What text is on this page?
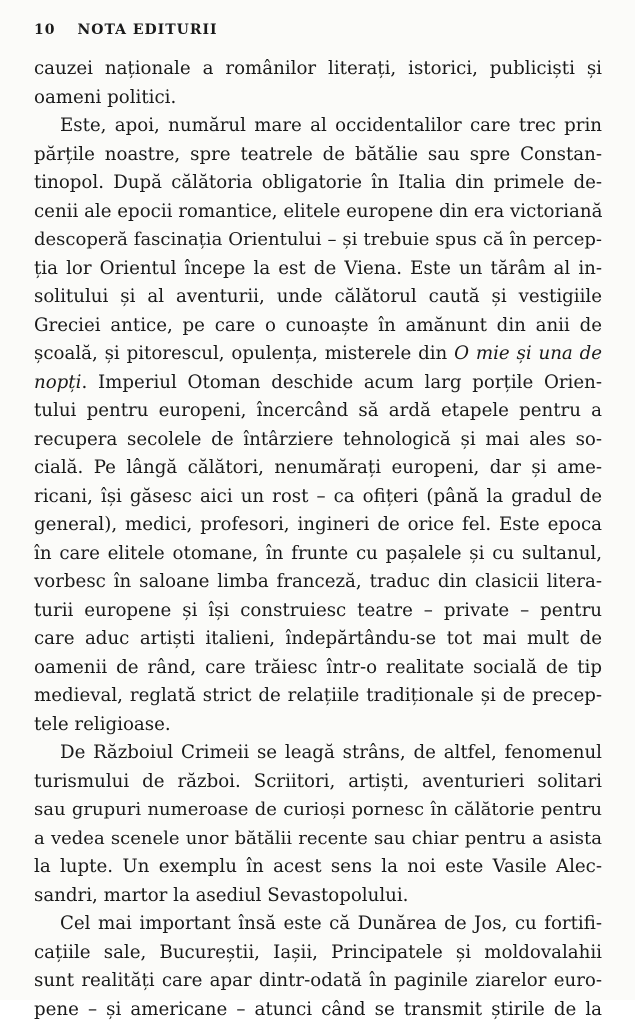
10 NOTA EDITURII
cauzei naționale a românilor literați, istorici, publiciști și
oameni politici.
Este, apoi, numărul mare al occidentalilor care trec prin
părțile noastre, spre teatrele de bătălie sau spre Constan-
tinopol. După călătoria obligatorie în Italia din primele de-
cenii ale epocii romantice, elitele europene din era victoriană
descoperă fascinația Orientului – și trebuie spus că în percep-
ția lor Orientul începe la est de Viena. Este un tărâm al in-
solitului și al aventurii, unde călătorul caută și vestigiile
Greciei antice, pe care o cunoaște în amănunt din anii de
școală, și pitorescul, opulența, misterele din O mie și una de
nopți. Imperiul Otoman deschide acum larg porțile Orien-
tului pentru europeni, încercând să ardă etapele pentru a
recupera secolele de întârziere tehnologică și mai ales so-
cială. Pe lângă călători, nenumărați europeni, dar și ame-
ricani, își găsesc aici un rost – ca ofițeri (până la gradul de
general), medici, profesori, ingineri de orice fel. Este epoca
în care elitele otomane, în frunte cu pașalele și cu sultanul,
vorbesc în saloane limba franceză, traduc din clasicii litera-
turii europene și își construiesc teatre – private – pentru
care aduc artiști italieni, îndepărtându-se tot mai mult de
oamenii de rând, care trăiesc într-o realitate socială de tip
medieval, reglată strict de relațiile tradiționale și de precep-
tele religioase.
De Războiul Crimeii se leagă strâns, de altfel, fenomenul
turismului de război. Scriitori, artiști, aventurieri solitari
sau grupuri numeroase de curioși pornesc în călătorie pentru
a vedea scenele unor bătălii recente sau chiar pentru a asista
la lupte. Un exemplu în acest sens la noi este Vasile Alec-
sandri, martor la asediul Sevastopolului.
Cel mai important însă este că Dunărea de Jos, cu fortifi-
cațiile sale, Bucureștii, Iașii, Principatele și moldovalahii
sunt realități care apar dintr-odată în paginile ziarelor euro-
pene – și americane – atunci când se transmit știrile de la
